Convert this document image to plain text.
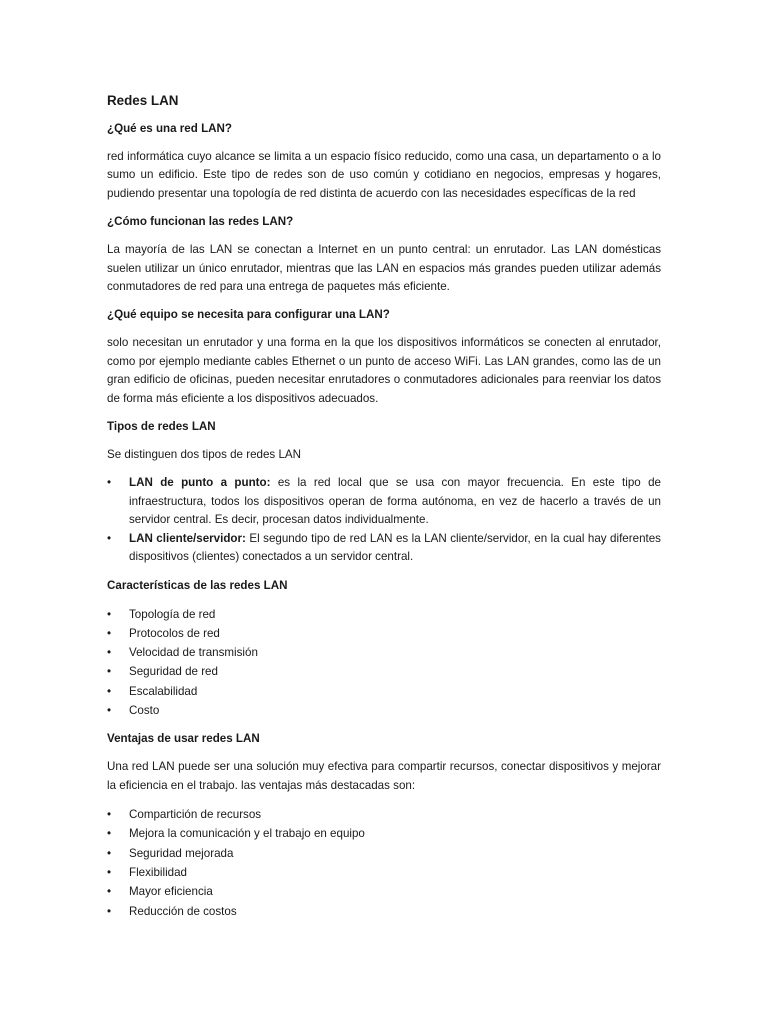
Redes LAN
¿Qué es una red LAN?
red informática cuyo alcance se limita a un espacio físico reducido, como una casa, un departamento o a lo sumo un edificio. Este tipo de redes son de uso común y cotidiano en negocios, empresas y hogares, pudiendo presentar una topología de red distinta de acuerdo con las necesidades específicas de la red
¿Cómo funcionan las redes LAN?
La mayoría de las LAN se conectan a Internet en un punto central: un enrutador. Las LAN domésticas suelen utilizar un único enrutador, mientras que las LAN en espacios más grandes pueden utilizar además conmutadores de red para una entrega de paquetes más eficiente.
¿Qué equipo se necesita para configurar una LAN?
solo necesitan un enrutador y una forma en la que los dispositivos informáticos se conecten al enrutador, como por ejemplo mediante cables Ethernet o un punto de acceso WiFi. Las LAN grandes, como las de un gran edificio de oficinas, pueden necesitar enrutadores o conmutadores adicionales para reenviar los datos de forma más eficiente a los dispositivos adecuados.
Tipos de redes LAN
Se distinguen dos tipos de redes LAN
• LAN de punto a punto: es la red local que se usa con mayor frecuencia. En este tipo de infraestructura, todos los dispositivos operan de forma autónoma, en vez de hacerlo a través de un servidor central. Es decir, procesan datos individualmente.
• LAN cliente/servidor: El segundo tipo de red LAN es la LAN cliente/servidor, en la cual hay diferentes dispositivos (clientes) conectados a un servidor central.
Características de las redes LAN
• Topología de red
• Protocolos de red
• Velocidad de transmisión
• Seguridad de red
• Escalabilidad
• Costo
Ventajas de usar redes LAN
Una red LAN puede ser una solución muy efectiva para compartir recursos, conectar dispositivos y mejorar la eficiencia en el trabajo. las ventajas más destacadas son:
• Compartición de recursos
• Mejora la comunicación y el trabajo en equipo
• Seguridad mejorada
• Flexibilidad
• Mayor eficiencia
• Reducción de costos
